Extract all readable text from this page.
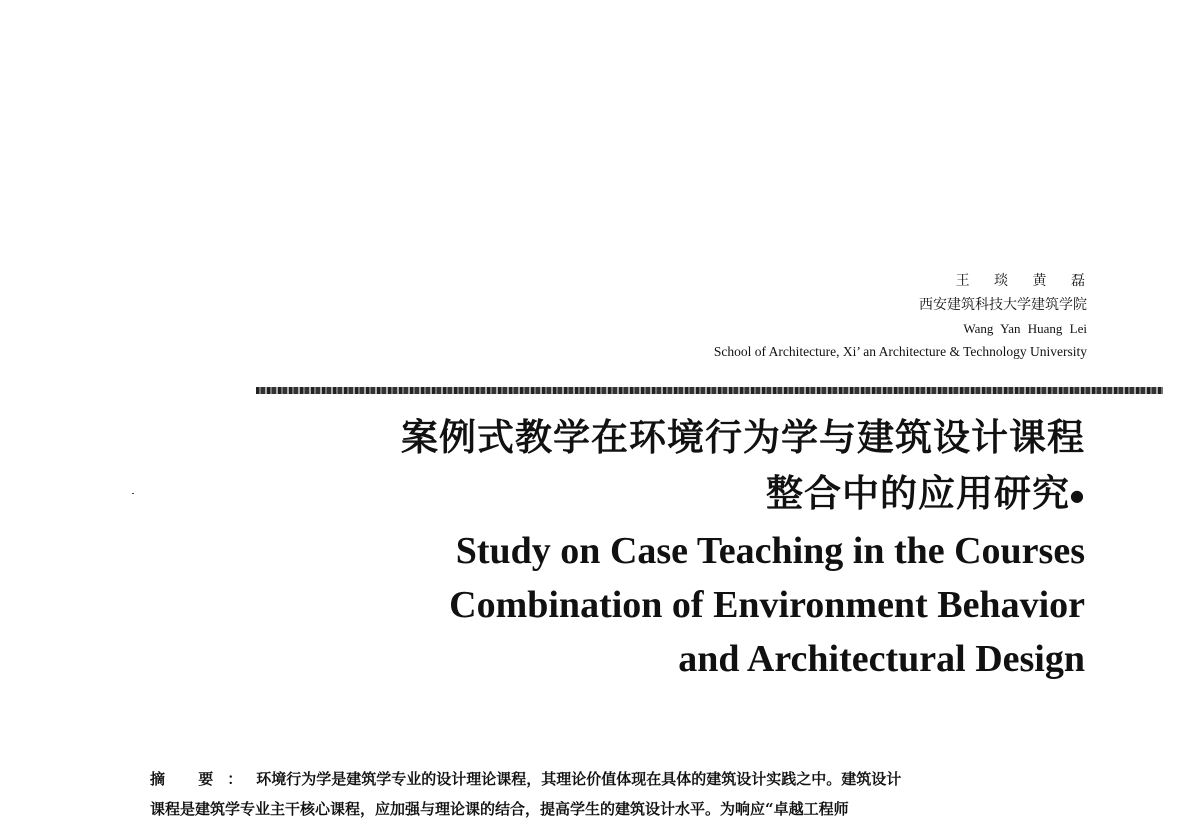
王 琰 黄 磊
西安建筑科技大学建筑学院
Wang Yan Huang Lei
School of Architecture, Xi’ an Architecture & Technology University
案例式教学在环境行为学与建筑设计课程
整合中的应用研究●
Study on Case Teaching in the Courses
Combination of Environment Behavior
and Architectural Design
摘 要：环境行为学是建筑学专业的设计理论课程，其理论价值体现在具体的建筑设计实践之中。建筑设计
课程是建筑学专业主干核心课程，应加强与理论课的结合，提高学生的建筑设计水平。为响应“卓越工程师
